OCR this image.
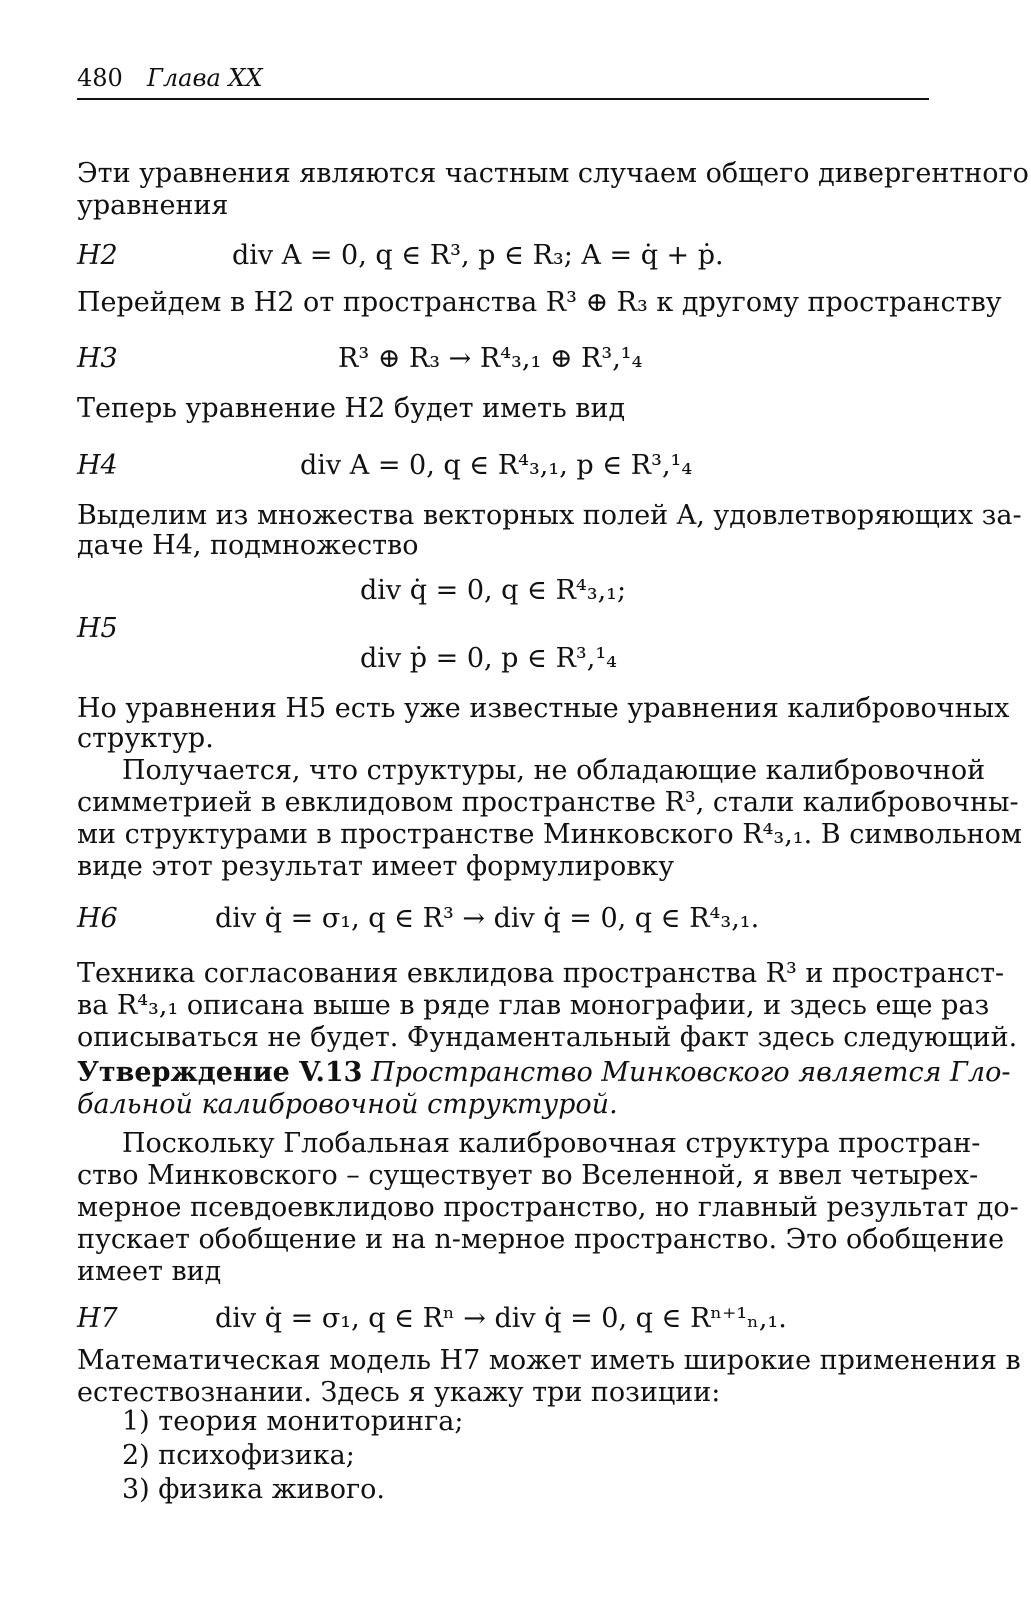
480 Глава XX
Эти уравнения являются частным случаем общего дивергентного
уравнения
H2	div A = 0, q ∈ R³, p ∈ R₃; A = q̇ + ṗ.
Перейдем в H2 от пространства R³ ⊕ R₃ к другому пространству
H3	R³ ⊕ R₃ → R⁴₃,₁ ⊕ R³,¹₄
Теперь уравнение H2 будет иметь вид
H4	div A = 0, q ∈ R⁴₃,₁, p ∈ R³,¹₄
Выделим из множества векторных полей A, удовлетворяющих за-
даче H4, подмножество
div q̇ = 0, q ∈ R⁴₃,₁;
H5
div ṗ = 0, p ∈ R³,¹₄
Но уравнения H5 есть уже известные уравнения калибровочных
структур.
Получается, что структуры, не обладающие калибровочной
симметрией в евклидовом пространстве R³, стали калибровочны-
ми структурами в пространстве Минковского R⁴₃,₁. В символьном
виде этот результат имеет формулировку
H6	div q̇ = σ₁, q ∈ R³ → div q̇ = 0, q ∈ R⁴₃,₁.
Техника согласования евклидова пространства R³ и пространст-
ва R⁴₃,₁ описана выше в ряде глав монографии, и здесь еще раз
описываться не будет. Фундаментальный факт здесь следующий.
Утверждение V.13 Пространство Минковского является Гло-
бальной калибровочной структурой.
Поскольку Глобальная калибровочная структура простран-
ство Минковского – существует во Вселенной, я ввел четырех-
мерное псевдоевклидово пространство, но главный результат до-
пускает обобщение и на n-мерное пространство. Это обобщение
имеет вид
H7	div q̇ = σ₁, q ∈ Rⁿ → div q̇ = 0, q ∈ Rⁿ⁺¹ₙ,₁.
Математическая модель H7 может иметь широкие применения в
естествознании. Здесь я укажу три позиции:
1) теория мониторинга;
2) психофизика;
3) физика живого.
